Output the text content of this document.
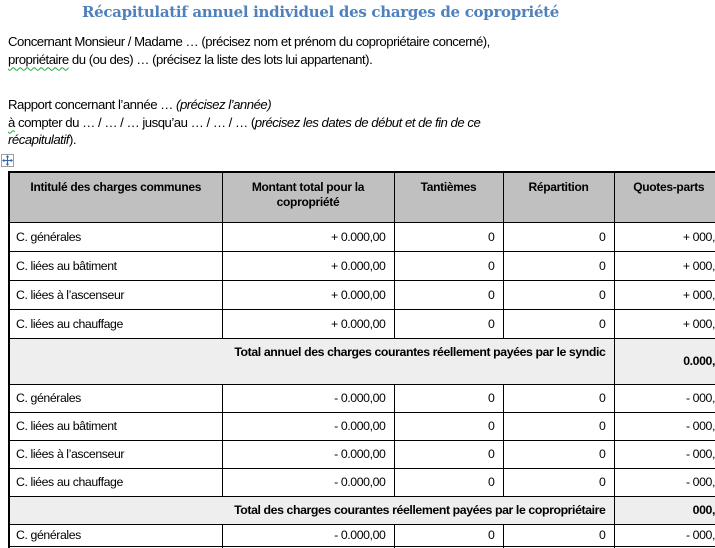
Récapitulatif annuel individuel des charges de copropriété
Concernant Monsieur / Madame … (précisez nom et prénom du copropriétaire concerné),
propriétaire du (ou des) … (précisez la liste des lots lui appartenant).
Rapport concernant l’année … (précisez l’année)
à compter du … / … / … jusqu’au … / … / … (précisez les dates de début et de fin de ce
récapitulatif).
Intitulé des charges communes	Montant total pour la copropriété	Tantièmes	Répartition	Quotes-parts
C. générales	+ 0.000,00	0	0	+ 000,
C. liées au bâtiment	+ 0.000,00	0	0	+ 000,
C. liées à l’ascenseur	+ 0.000,00	0	0	+ 000,
C. liées au chauffage	+ 0.000,00	0	0	+ 000,
Total annuel des charges courantes réellement payées par le syndic				0.000,
C. générales	- 0.000,00	0	0	- 000,
C. liées au bâtiment	- 0.000,00	0	0	- 000,
C. liées à l’ascenseur	- 0.000,00	0	0	- 000,
C. liées au chauffage	- 0.000,00	0	0	- 000,
Total des charges courantes réellement payées par le copropriétaire				000,
C. générales	- 0.000,00	0	0	- 000,
